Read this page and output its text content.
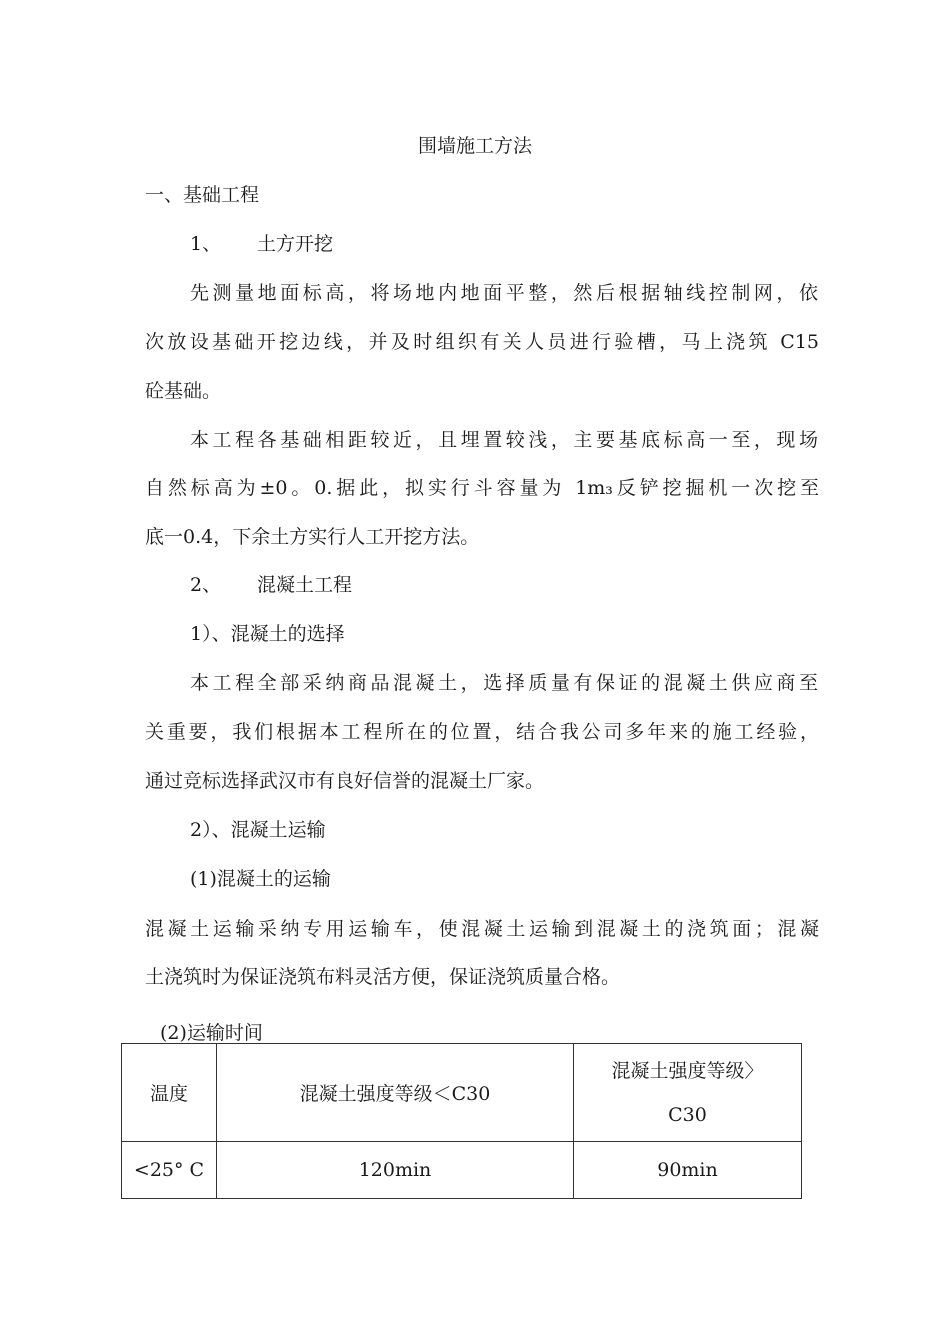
围墙施工方法
一、基础工程
1、 土方开挖
先测量地面标高，将场地内地面平整，然后根据轴线控制网，依
次放设基础开挖边线，并及时组织有关人员进行验槽，马上浇筑 C15
砼基础。
本工程各基础相距较近，且埋置较浅，主要基底标高一至，现场
自然标高为±0。0.据此，拟实行斗容量为 1m₃反铲挖掘机一次挖至
底一0.4，下余土方实行人工开挖方法。
2、 混凝土工程
1）、混凝土的选择
本工程全部采纳商品混凝土，选择质量有保证的混凝土供应商至
关重要，我们根据本工程所在的位置，结合我公司多年来的施工经验，
通过竞标选择武汉市有良好信誉的混凝土厂家。
2）、混凝土运输
(1)混凝土的运输
混凝土运输采纳专用运输车，使混凝土运输到混凝土的浇筑面；混凝
土浇筑时为保证浇筑布料灵活方便，保证浇筑质量合格。
(2)运输时间
温度	混凝土强度等级＜C30	混凝土强度等级〉
C30

<25° C	120min	90min
